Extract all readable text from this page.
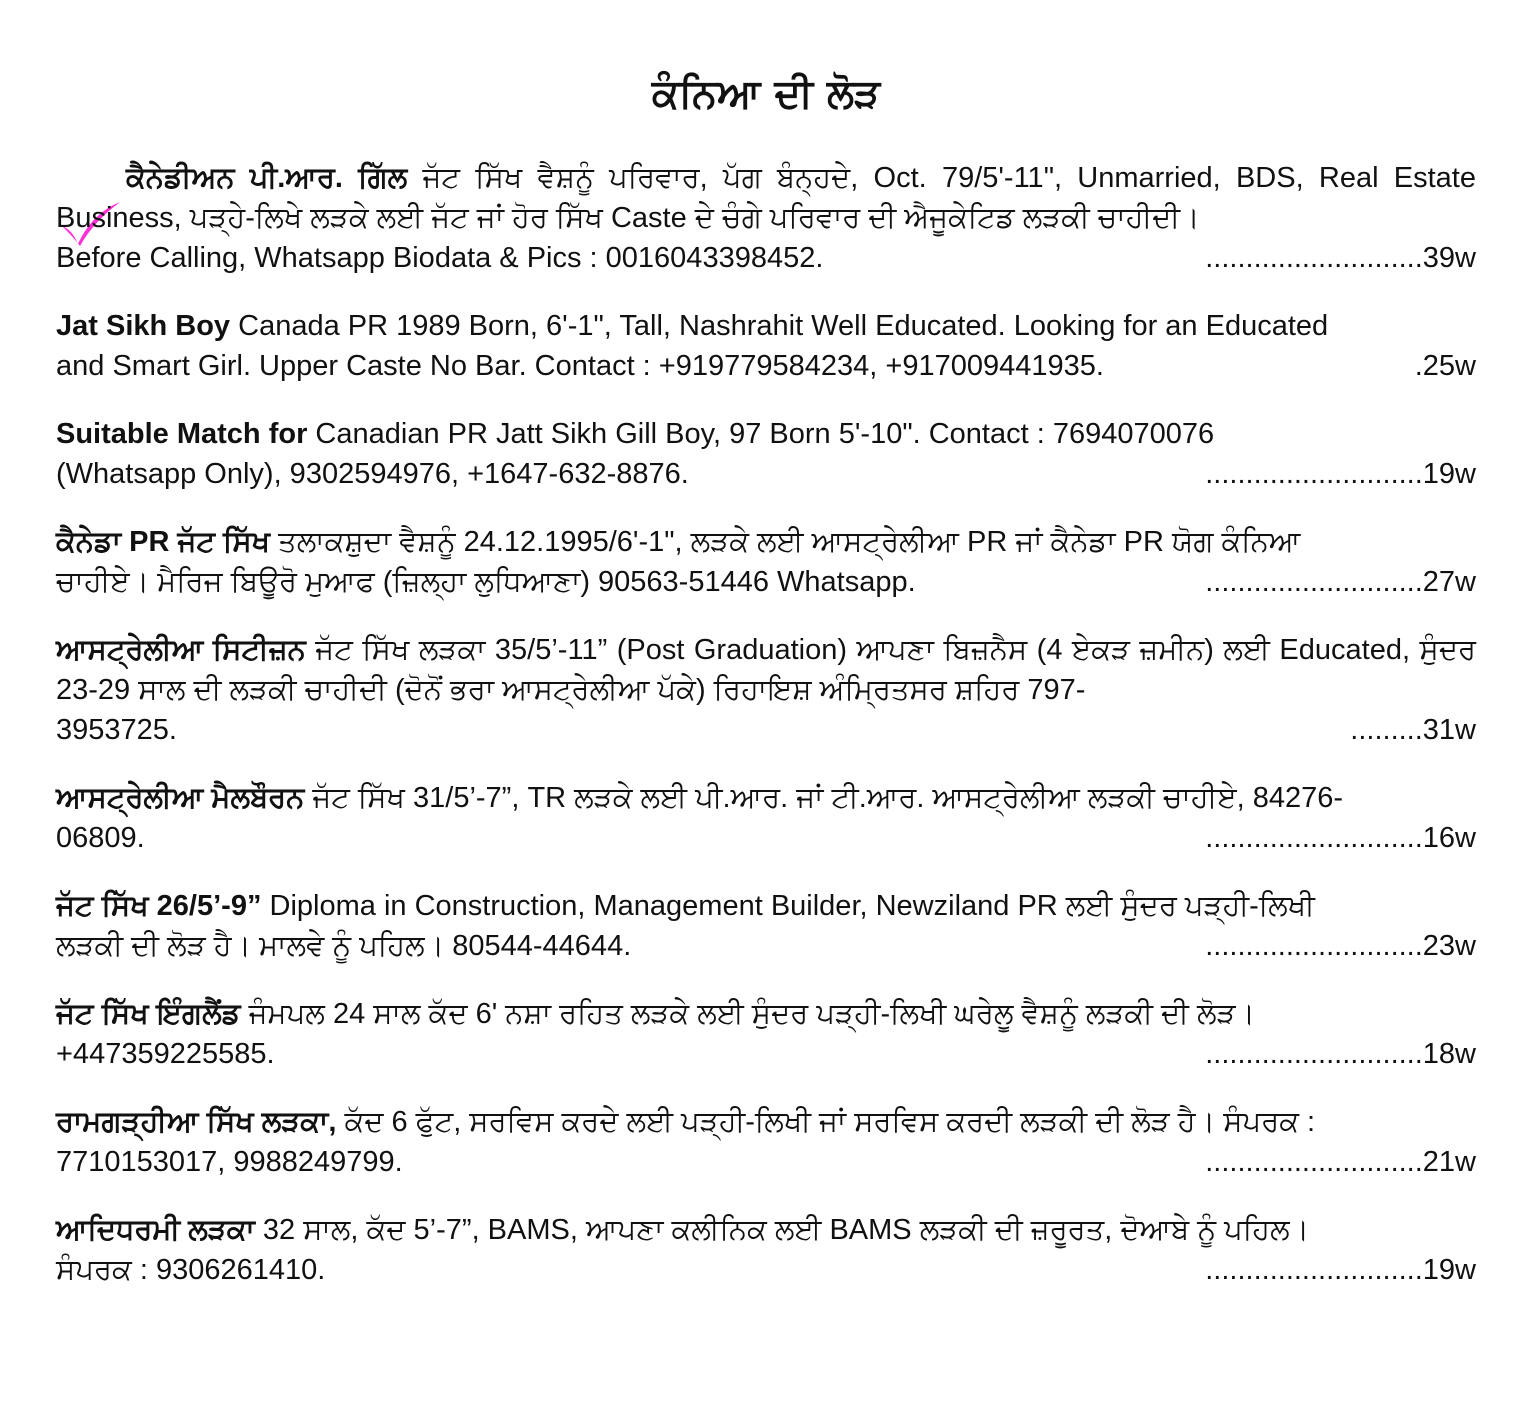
ਕੰਨਿਆ ਦੀ ਲੋੜ
ਕੈਨੇਡੀਅਨ ਪੀ.ਆਰ. ਗਿੱਲ ਜੱਟ ਸਿੱਖ ਵੈਸ਼ਨੂੰ ਪਰਿਵਾਰ, ਪੱਗ ਬੰਨ੍ਹਦੇ, Oct. 79/5'-11", Unmarried, BDS, Real Estate Business, ਪੜ੍ਹੇ-ਲਿਖੇ ਲੜਕੇ ਲਈ ਜੱਟ ਜਾਂ ਹੋਰ ਸਿੱਖ Caste ਦੇ ਚੰਗੇ ਪਰਿਵਾਰ ਦੀ ਐਜੂਕੇਟਿਡ ਲੜਕੀ ਚਾਹੀਦੀ।
Before Calling, Whatsapp Biodata & Pics : 0016043398452.	...........................39w
Jat Sikh Boy Canada PR 1989 Born, 6'-1", Tall, Nashrahit Well Educated. Looking for an Educated
and Smart Girl. Upper Caste No Bar. Contact : +919779584234, +917009441935.	.25w
Suitable Match for Canadian PR Jatt Sikh Gill Boy, 97 Born 5'-10". Contact : 7694070076
(Whatsapp Only), 9302594976, +1647-632-8876.	...........................19w
ਕੈਨੇਡਾ PR ਜੱਟ ਸਿੱਖ ਤਲਾਕਸ਼ੁਦਾ ਵੈਸ਼ਨੂੰ 24.12.1995/6'-1", ਲੜਕੇ ਲਈ ਆਸਟ੍ਰੇਲੀਆ PR ਜਾਂ ਕੈਨੇਡਾ PR ਯੋਗ ਕੰਨਿਆ
ਚਾਹੀਏ। ਮੈਰਿਜ ਬਿਊਰੋ ਮੁਆਫ (ਜ਼ਿਲ੍ਹਾ ਲੁਧਿਆਣਾ) 90563-51446 Whatsapp.	...........................27w
ਆਸਟ੍ਰੇਲੀਆ ਸਿਟੀਜ਼ਨ ਜੱਟ ਸਿੱਖ ਲੜਕਾ 35/5’-11” (Post Graduation) ਆਪਣਾ ਬਿਜ਼ਨੈਸ (4 ਏਕੜ ਜ਼ਮੀਨ) ਲਈ Educated, ਸੁੰਦਰ 23-29 ਸਾਲ ਦੀ ਲੜਕੀ ਚਾਹੀਦੀ (ਦੋਨੋਂ ਭਰਾ ਆਸਟ੍ਰੇਲੀਆ ਪੱਕੇ) ਰਿਹਾਇਸ਼ ਅੰਮ੍ਰਿਤਸਰ ਸ਼ਹਿਰ 797-
3953725.	.........31w
ਆਸਟ੍ਰੇਲੀਆ ਮੈਲਬੌਰਨ ਜੱਟ ਸਿੱਖ 31/5’-7”, TR ਲੜਕੇ ਲਈ ਪੀ.ਆਰ. ਜਾਂ ਟੀ.ਆਰ. ਆਸਟ੍ਰੇਲੀਆ ਲੜਕੀ ਚਾਹੀਏ, 84276-
06809.	...........................16w
ਜੱਟ ਸਿੱਖ 26/5’-9” Diploma in Construction, Management Builder, Newziland PR ਲਈ ਸੁੰਦਰ ਪੜ੍ਹੀ-ਲਿਖੀ
ਲੜਕੀ ਦੀ ਲੋੜ ਹੈ। ਮਾਲਵੇ ਨੂੰ ਪਹਿਲ। 80544-44644.	...........................23w
ਜੱਟ ਸਿੱਖ ਇੰਗਲੈਂਡ ਜੰਮਪਲ 24 ਸਾਲ ਕੱਦ 6' ਨਸ਼ਾ ਰਹਿਤ ਲੜਕੇ ਲਈ ਸੁੰਦਰ ਪੜ੍ਹੀ-ਲਿਖੀ ਘਰੇਲੂ ਵੈਸ਼ਨੂੰ ਲੜਕੀ ਦੀ ਲੋੜ।
+447359225585.	...........................18w
ਰਾਮਗੜ੍ਹੀਆ ਸਿੱਖ ਲੜਕਾ, ਕੱਦ 6 ਫੁੱਟ, ਸਰਵਿਸ ਕਰਦੇ ਲਈ ਪੜ੍ਹੀ-ਲਿਖੀ ਜਾਂ ਸਰਵਿਸ ਕਰਦੀ ਲੜਕੀ ਦੀ ਲੋੜ ਹੈ। ਸੰਪਰਕ :
7710153017, 9988249799.	...........................21w
ਆਦਿਧਰਮੀ ਲੜਕਾ 32 ਸਾਲ, ਕੱਦ 5’-7”, BAMS, ਆਪਣਾ ਕਲੀਨਿਕ ਲਈ BAMS ਲੜਕੀ ਦੀ ਜ਼ਰੂਰਤ, ਦੋਆਬੇ ਨੂੰ ਪਹਿਲ।
ਸੰਪਰਕ : 9306261410.	...........................19w
